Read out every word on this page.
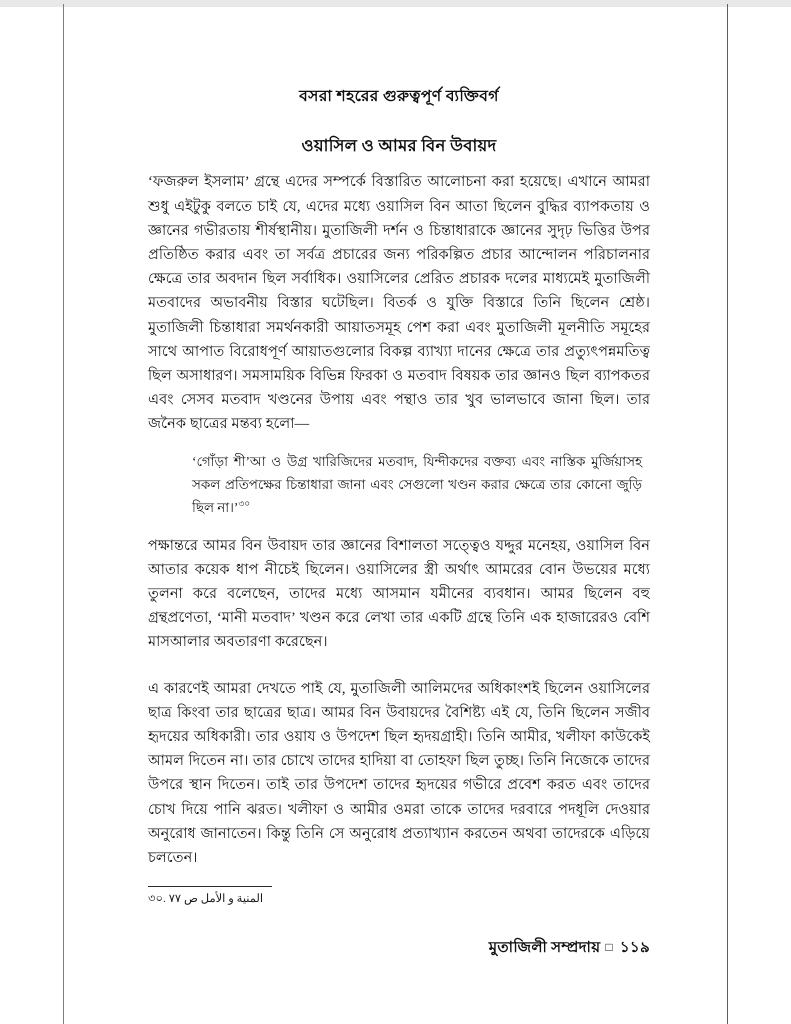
বসরা শহরের গুরুত্বপূর্ণ ব্যক্তিবর্গ
ওয়াসিল ও আমর বিন উবায়দ

‘ফজরুল ইসলাম’ গ্রন্থে এদের সম্পর্কে বিস্তারিত আলোচনা করা হয়েছে। এখানে আমরা শুধু এইটুকু বলতে চাই যে, এদের মধ্যে ওয়াসিল বিন আতা ছিলেন বুদ্ধির ব্যাপকতায় ও জ্ঞানের গভীরতায় শীর্ষস্থানীয়। মুতাজিলী দর্শন ও চিন্তাধারাকে জ্ঞানের সুদৃঢ় ভিত্তির উপর প্রতিষ্ঠিত করার এবং তা সর্বত্র প্রচারের জন্য পরিকল্পিত প্রচার আন্দোলন পরিচালনার ক্ষেত্রে তার অবদান ছিল সর্বাধিক। ওয়াসিলের প্রেরিত প্রচারক দলের মাধ্যমেই মুতাজিলী মতবাদের অভাবনীয় বিস্তার ঘটেছিল। বিতর্ক ও যুক্তি বিস্তারে তিনি ছিলেন শ্রেষ্ঠ। মুতাজিলী চিন্তাধারা সমর্থনকারী আয়াতসমূহ পেশ করা এবং মুতাজিলী মূলনীতি সমূহের সাথে আপাত বিরোধপূর্ণ আয়াতগুলোর বিকল্প ব্যাখ্যা দানের ক্ষেত্রে তার প্রত্যুৎপন্নমতিত্ব ছিল অসাধারণ। সমসাময়িক বিভিন্ন ফিরকা ও মতবাদ বিষয়ক তার জ্ঞানও ছিল ব্যাপকতর এবং সেসব মতবাদ খণ্ডনের উপায় এবং পন্থাও তার খুব ভালভাবে জানা ছিল। তার জনৈক ছাত্রের মন্তব্য হলো—

‘গোঁড়া শী’আ ও উগ্র খারিজিদের মতবাদ, যিন্দীকদের বক্তব্য এবং নাস্তিক মুর্জিয়াসহ সকল প্রতিপক্ষের চিন্তাধারা জানা এবং সেগুলো খণ্ডন করার ক্ষেত্রে তার কোনো জুড়ি ছিল না।’$^{৩০}$

পক্ষান্তরে আমর বিন উবায়দ তার জ্ঞানের বিশালতা সত্ত্বেও যদ্দুর মনেহয়, ওয়াসিল বিন আতার কয়েক ধাপ নীচেই ছিলেন। ওয়াসিলের স্ত্রী অর্থাৎ আমরের বোন উভয়ের মধ্যে তুলনা করে বলেছেন, তাদের মধ্যে আসমান যমীনের ব্যবধান। আমর ছিলেন বহু গ্রন্থপ্রণেতা, ‘মানী মতবাদ’ খণ্ডন করে লেখা তার একটি গ্রন্থে তিনি এক হাজারেরও বেশি মাসআলার অবতারণা করেছেন।

এ কারণেই আমরা দেখতে পাই যে, মুতাজিলী আলিমদের অধিকাংশই ছিলেন ওয়াসিলের ছাত্র কিংবা তার ছাত্রের ছাত্র। আমর বিন উবায়দের বৈশিষ্ট্য এই যে, তিনি ছিলেন সজীব হৃদয়ের অধিকারী। তার ওয়ায ও উপদেশ ছিল হৃদয়গ্রাহী। তিনি আমীর, খলীফা কাউকেই আমল দিতেন না। তার চোখে তাদের হাদিয়া বা তোহফা ছিল তুচ্ছ। তিনি নিজেকে তাদের উপরে স্থান দিতেন। তাই তার উপদেশ তাদের হৃদয়ের গভীরে প্রবেশ করত এবং তাদের চোখ দিয়ে পানি ঝরত। খলীফা ও আমীর ওমরা তাকে তাদের দরবারে পদধূলি দেওয়ার অনুরোধ জানাতেন। কিন্তু তিনি সে অনুরোধ প্রত্যাখ্যান করতেন অথবা তাদেরকে এড়িয়ে চলতেন।

৩০. المنية و الأمل ص ٧٧
মুতাজিলী সম্প্রদায় □ ১১৯
